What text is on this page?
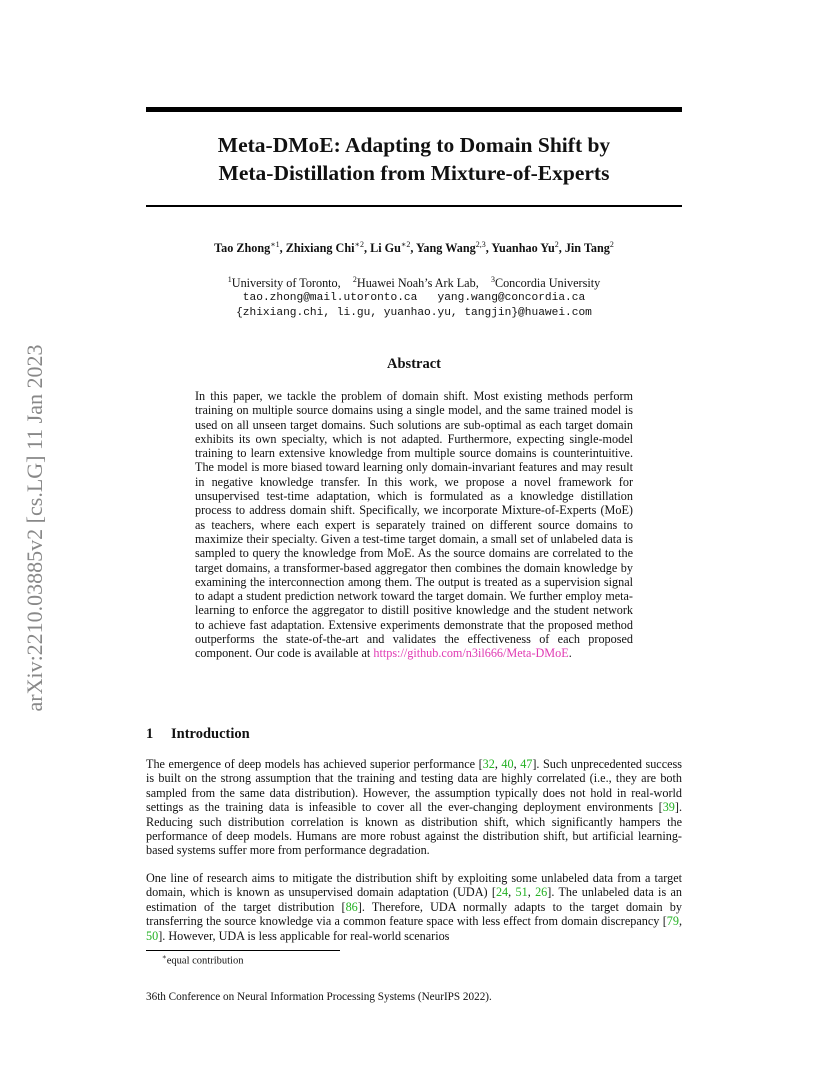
arXiv:2210.03885v2 [cs.LG] 11 Jan 2023
Meta-DMoE: Adapting to Domain Shift by
Meta-Distillation from Mixture-of-Experts
Tao Zhong$^{∗1}$, Zhixiang Chi$^{∗2}$, Li $Gu^{∗2}$, Yang Wang$^{2,3}$, Yuanhao Yu$^2$, Jin Tang$^2$
$^1$University of Toronto, $^2$Huawei Noah’s Ark Lab, $^3$Concordia University
tao.zhong@mail.utoronto.ca   yang.wang@concordia.ca
{zhixiang.chi, li.gu, yuanhao.yu, tangjin}@huawei.com
Abstract
In this paper, we tackle the problem of domain shift. Most existing methods perform training on multiple source domains using a single model, and the same trained model is used on all unseen target domains. Such solutions are sub-optimal as each target domain exhibits its own specialty, which is not adapted. Furthermore, expecting single-model training to learn extensive knowledge from multiple source domains is counterintuitive. The model is more biased toward learning only domain-invariant features and may result in negative knowledge transfer. In this work, we propose a novel framework for unsupervised test-time adaptation, which is formulated as a knowledge distillation process to address domain shift. Specifically, we incorporate Mixture-of-Experts (MoE) as teachers, where each expert is separately trained on different source domains to maximize their specialty. Given a test-time target domain, a small set of unlabeled data is sampled to query the knowledge from MoE. As the source domains are correlated to the target domains, a transformer-based aggregator then combines the domain knowledge by examining the interconnection among them. The output is treated as a supervision signal to adapt a student prediction network toward the target domain. We further employ meta-learning to enforce the aggregator to distill positive knowledge and the student network to achieve fast adaptation. Extensive experiments demonstrate that the proposed method outperforms the state-of-the-art and validates the effectiveness of each proposed component. Our code is available at https://github.com/n3il666/Meta-DMoE.
1 Introduction
The emergence of deep models has achieved superior performance [32, 40, 47]. Such unprecedented success is built on the strong assumption that the training and testing data are highly correlated (i.e., they are both sampled from the same data distribution). However, the assumption typically does not hold in real-world settings as the training data is infeasible to cover all the ever-changing deployment environments [39]. Reducing such distribution correlation is known as distribution shift, which significantly hampers the performance of deep models. Humans are more robust against the distribution shift, but artificial learning-based systems suffer more from performance degradation.
One line of research aims to mitigate the distribution shift by exploiting some unlabeled data from a target domain, which is known as unsupervised domain adaptation (UDA) [24, 51, 26]. The unlabeled data is an estimation of the target distribution [86]. Therefore, UDA normally adapts to the target domain by transferring the source knowledge via a common feature space with less effect from domain discrepancy [79, 50]. However, UDA is less applicable for real-world scenarios
∗equal contribution
36th Conference on Neural Information Processing Systems (NeurIPS 2022).
